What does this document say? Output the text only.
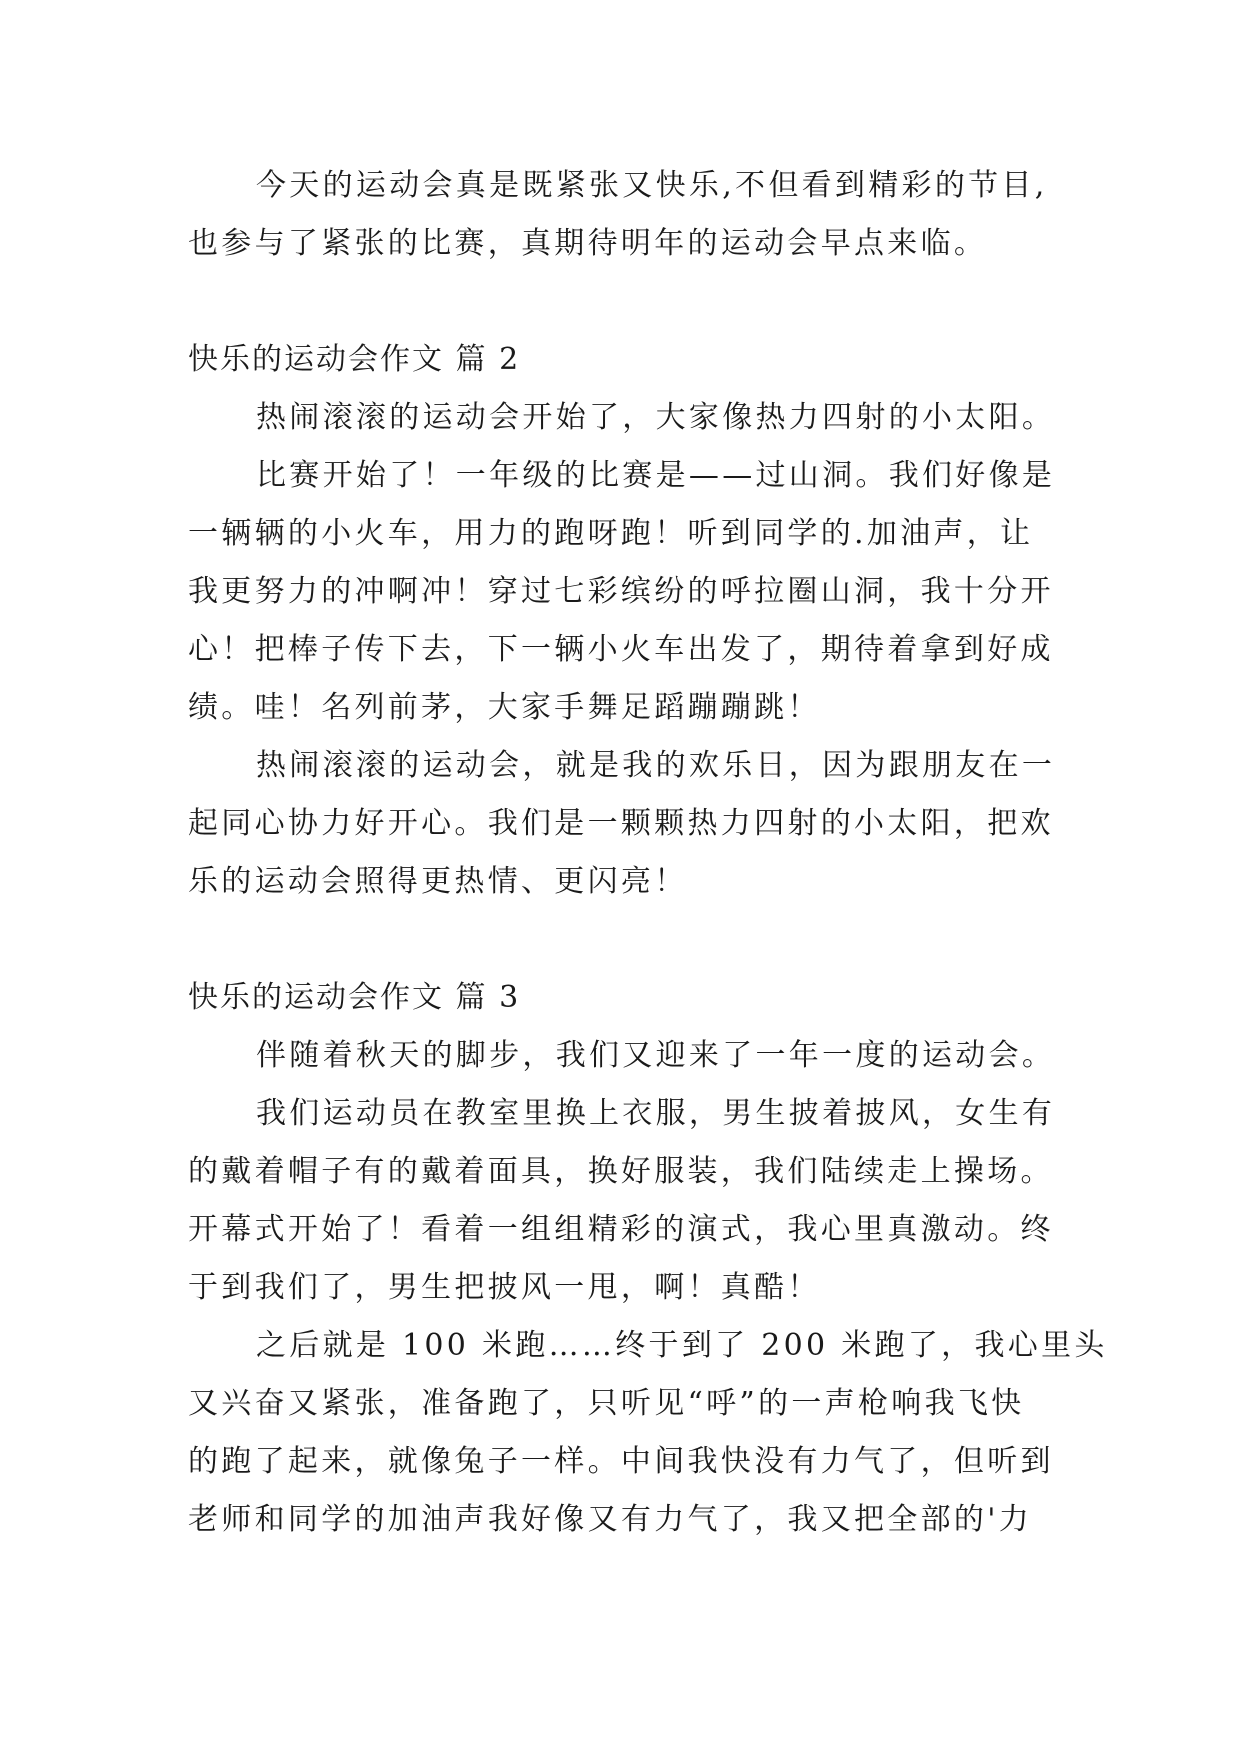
今天的运动会真是既紧张又快乐,不但看到精彩的节目,
也参与了紧张的比赛，真期待明年的运动会早点来临。
快乐的运动会作文 篇 2
热闹滚滚的运动会开始了，大家像热力四射的小太阳。
比赛开始了！一年级的比赛是——过山洞。我们好像是
一辆辆的小火车，用力的跑呀跑！听到同学的.加油声，让
我更努力的冲啊冲！穿过七彩缤纷的呼拉圈山洞，我十分开
心！把棒子传下去，下一辆小火车出发了，期待着拿到好成
绩。哇！名列前茅，大家手舞足蹈蹦蹦跳！
热闹滚滚的运动会，就是我的欢乐日，因为跟朋友在一
起同心协力好开心。我们是一颗颗热力四射的小太阳，把欢
乐的运动会照得更热情、更闪亮！
快乐的运动会作文 篇 3
伴随着秋天的脚步，我们又迎来了一年一度的运动会。
我们运动员在教室里换上衣服，男生披着披风，女生有
的戴着帽子有的戴着面具，换好服装，我们陆续走上操场。
开幕式开始了！看着一组组精彩的演式，我心里真激动。终
于到我们了，男生把披风一甩，啊！真酷！
之后就是 100 米跑……终于到了 200 米跑了，我心里头
又兴奋又紧张，准备跑了，只听见“呼”的一声枪响我飞快
的跑了起来，就像兔子一样。中间我快没有力气了，但听到
老师和同学的加油声我好像又有力气了，我又把全部的'力
